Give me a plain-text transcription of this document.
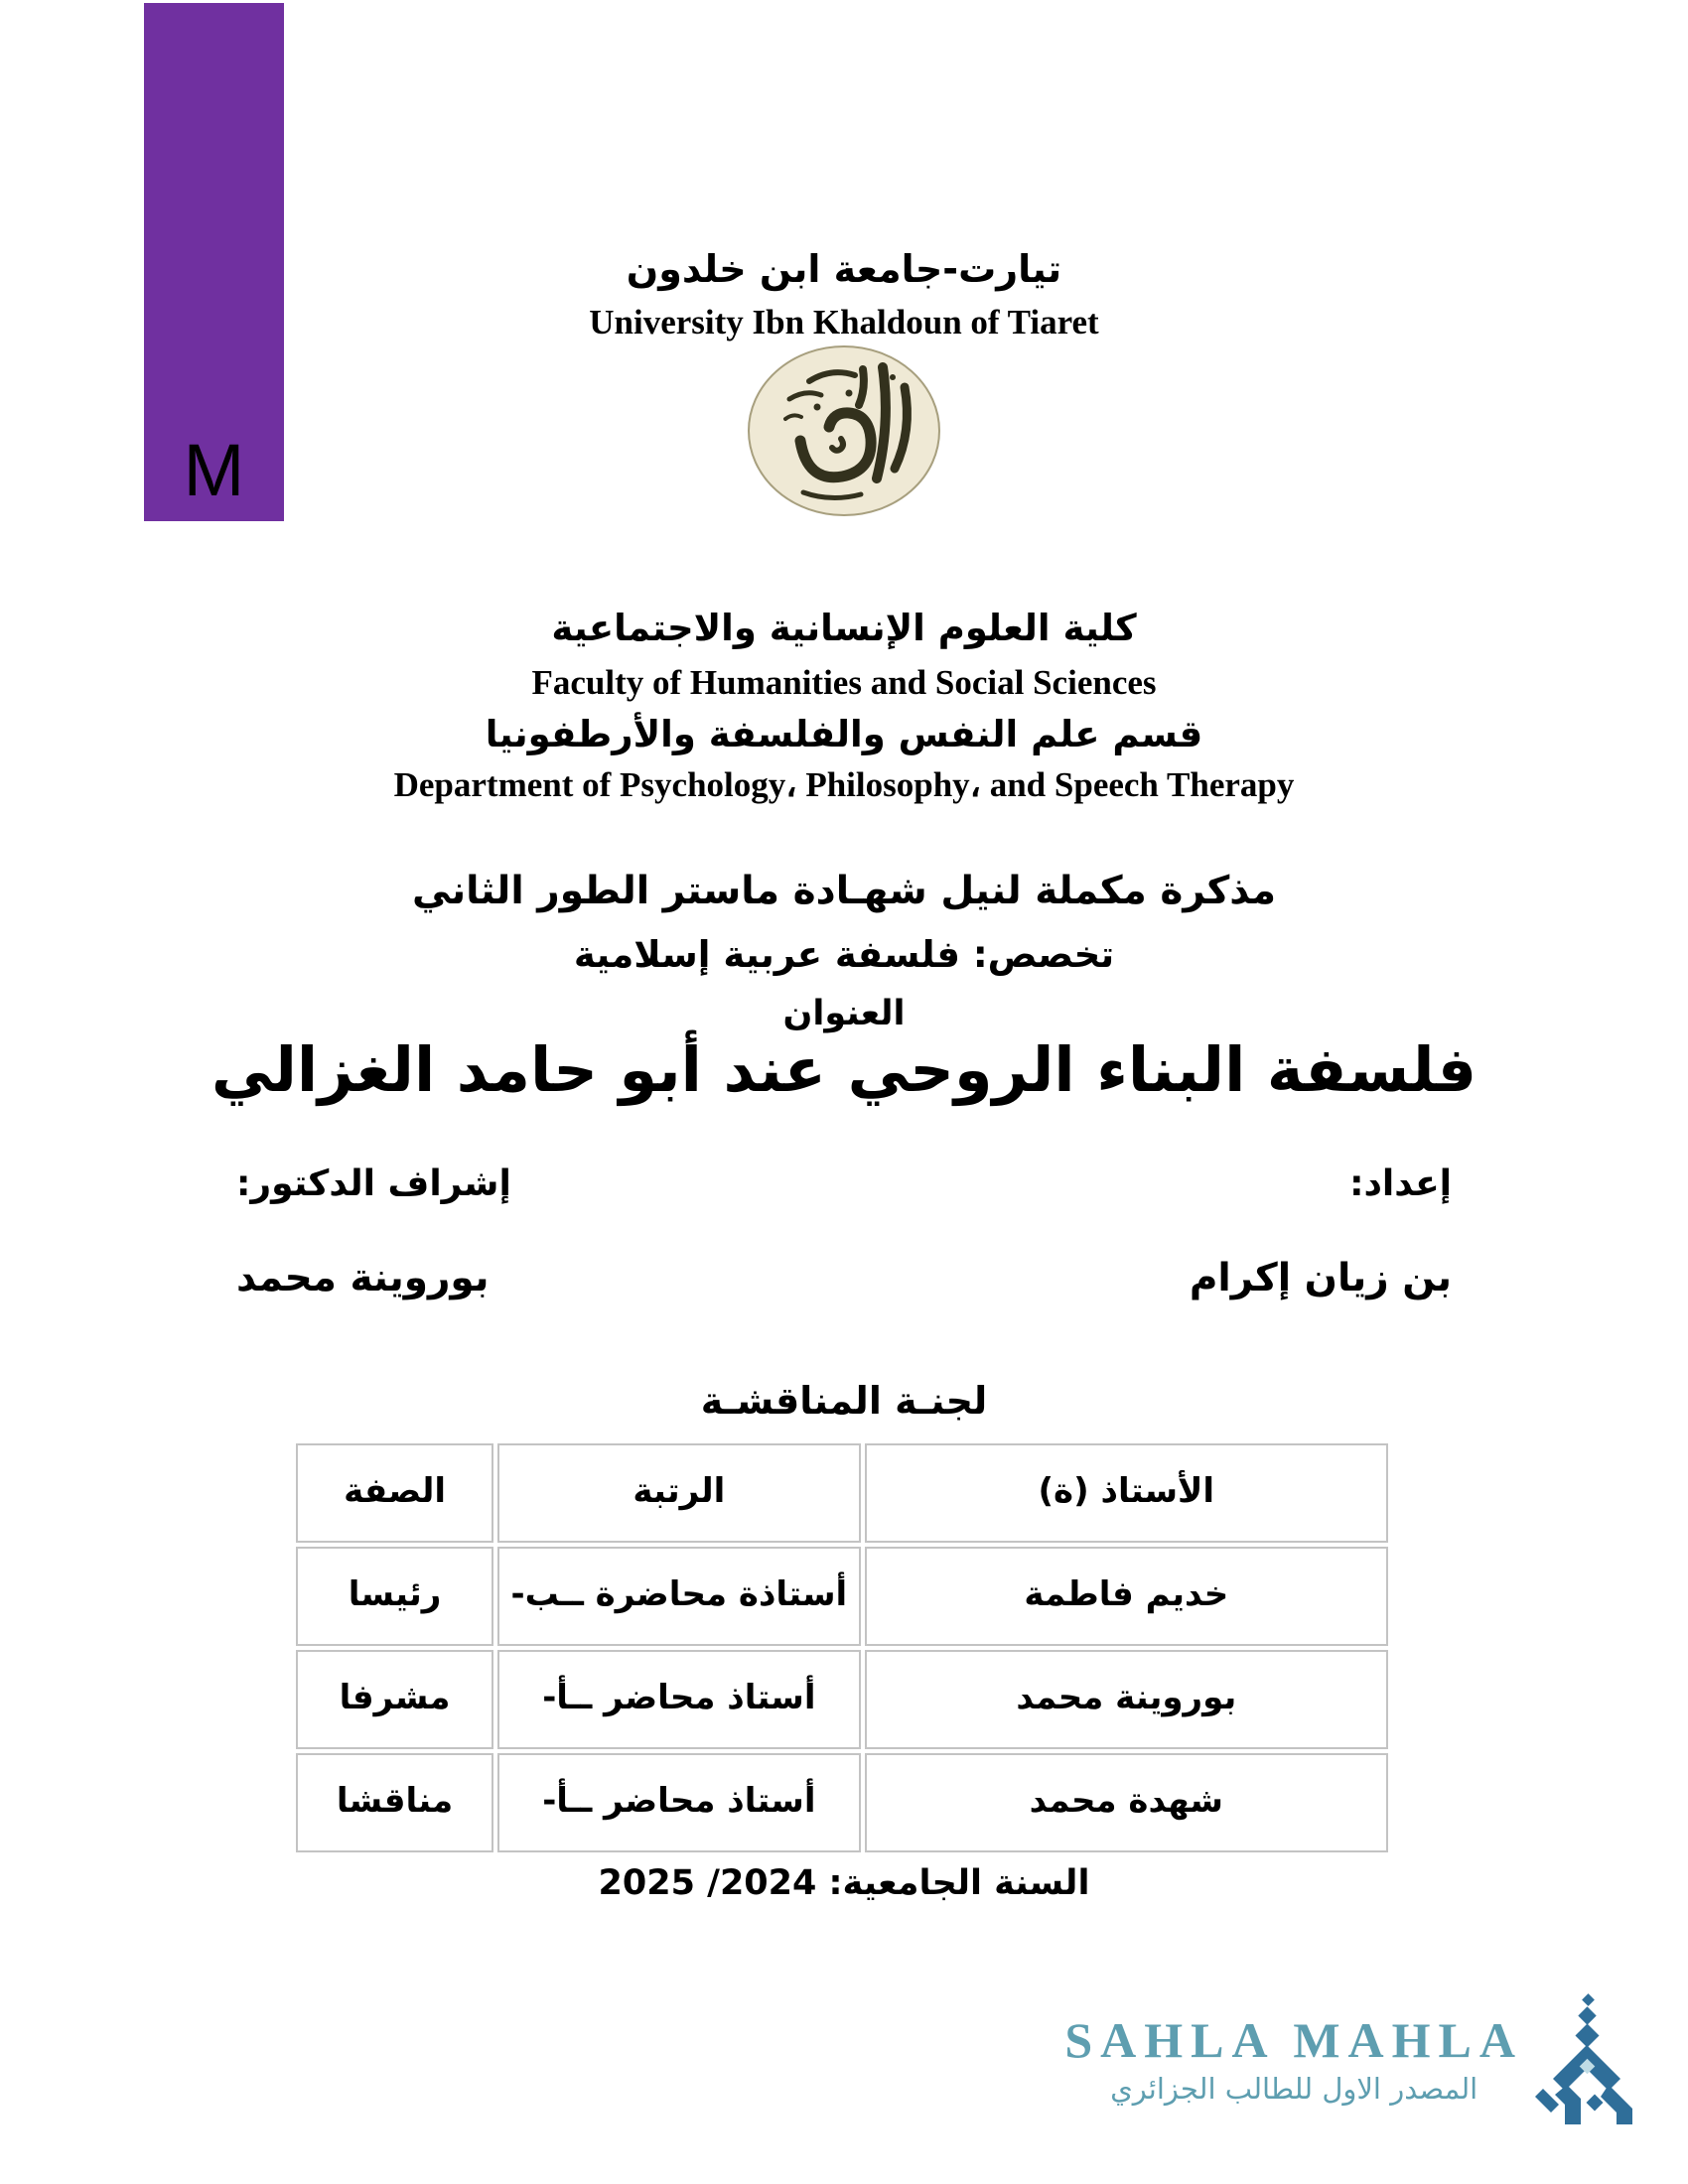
M
تيارت-جامعة ابن خلدون
University Ibn Khaldoun of Tiaret
كلية العلوم الإنسانية والاجتماعية
Faculty of Humanities and Social Sciences
قسم علم النفس والفلسفة والأرطفونيا
Department of Psychology، Philosophy، and Speech Therapy
مذكرة مكملة لنيل شهـادة ماستر الطور الثاني
تخصص: فلسفة عربية إسلامية
العنوان
فلسفة البناء الروحي عند أبو حامد الغزالي
إعداد:
بن زيان إكرام
إشراف الدكتور:
بوروينة محمد
لجنـة المناقشـة
الأستاذ (ة)	الرتبة	الصفة
خديم فاطمة	أستاذة محاضرة ــب-	رئيسا
بوروينة محمد	أستاذ محاضر ــأ-	مشرفا
شهدة محمد	أستاذ محاضر ــأ-	مناقشا
السنة الجامعية: 2024/ 2025
SAHLA MAHLA
المصدر الاول للطالب الجزائري
